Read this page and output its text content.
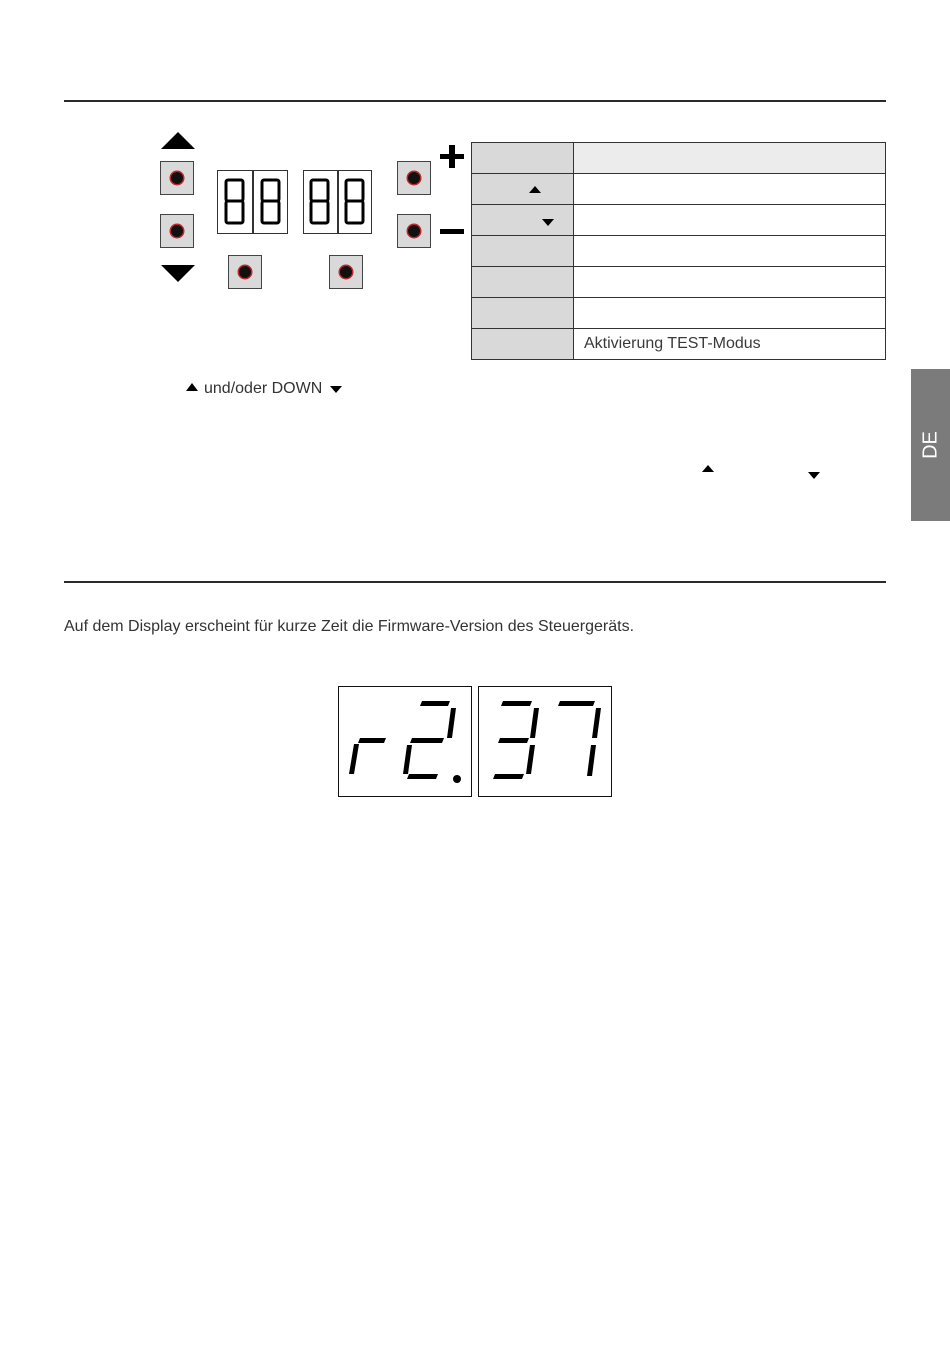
	Aktivierung TEST-Modus
und/oder DOWN
DE
Auf dem Display erscheint für kurze Zeit die Firmware-Version des Steuergeräts.
